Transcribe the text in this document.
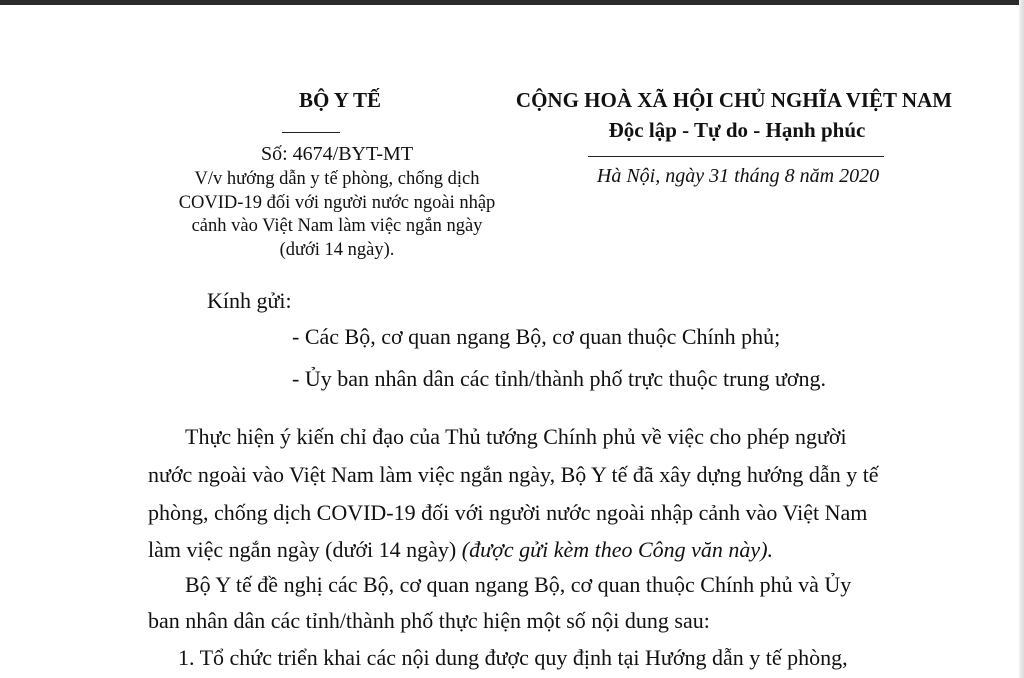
BỘ Y TẾ
Số: 4674/BYT-MT
V/v hướng dẫn y tế phòng, chống dịch
COVID-19 đối với người nước ngoài nhập
cảnh vào Việt Nam làm việc ngắn ngày
(dưới 14 ngày).
CỘNG HOÀ XÃ HỘI CHỦ NGHĨA VIỆT NAM
Độc lập - Tự do - Hạnh phúc
Hà Nội, ngày 31 tháng 8 năm 2020
Kính gửi:
- Các Bộ, cơ quan ngang Bộ, cơ quan thuộc Chính phủ;
- Ủy ban nhân dân các tỉnh/thành phố trực thuộc trung ương.
Thực hiện ý kiến chỉ đạo của Thủ tướng Chính phủ về việc cho phép người
nước ngoài vào Việt Nam làm việc ngắn ngày, Bộ Y tế đã xây dựng hướng dẫn y tế
phòng, chống dịch COVID-19 đối với người nước ngoài nhập cảnh vào Việt Nam
làm việc ngắn ngày (dưới 14 ngày) (được gửi kèm theo Công văn này).
Bộ Y tế đề nghị các Bộ, cơ quan ngang Bộ, cơ quan thuộc Chính phủ và Ủy
ban nhân dân các tỉnh/thành phố thực hiện một số nội dung sau:
1. Tổ chức triển khai các nội dung được quy định tại Hướng dẫn y tế phòng,
